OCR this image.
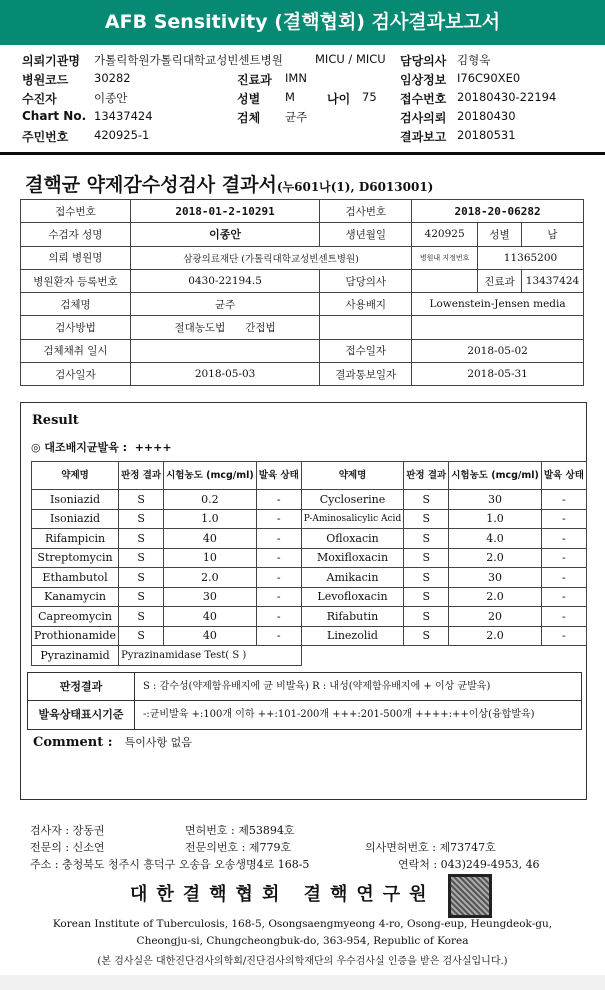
AFB Sensitivity (결핵협회) 검사결과보고서
의뢰기관명 가톨릭학원가톨릭대학교성빈센트병원	MICU / MICU 담당의사 김형욱
병원코드 30282	진료과 IMN	임상정보 I76C90XE0
수진자	이종안	성별 M	나이 75 접수번호 20180430-22194
Chart No. 13437424	검체 균주	검사의뢰 20180430
주민번호 420925-1	결과보고 20180531
결핵균 약제감수성검사 결과서(누601나(1), D6013001)
접수번호	2018-01-2-10291	검사번호	2018-20-06282		
수검자 성명	이종안	생년월일	420925	성별	남
의뢰 병원명	삼광의료재단 (가톨릭대학교성빈센트병원)		병원내 지정번호	11365200	
병원환자 등록번호	0430-22194.5	담당의사		진료과	13437424
검체명	균주	사용배지	Lowenstein-Jensen media		
검사방법	절대농도법 간접법				
검체채취 일시		접수일자	2018-05-02		
검사일자	2018-05-03	결과통보일자	2018-05-31		
Result
◎ 대조배지균발육 : ++++
약제명	판정 결과	시험농도 (mcg/ml)	발육 상태	약제명	판정 결과	시험농도 (mcg/ml)	발육 상태
Isoniazid	S	0.2	-	Cycloserine	S	30	-
Isoniazid	S	1.0	-	P-Aminosalicylic Acid	S	1.0	-
Rifampicin	S	40	-	Ofloxacin	S	4.0	-
Streptomycin	S	10	-	Moxifloxacin	S	2.0	-
Ethambutol	S	2.0	-	Amikacin	S	30	-
Kanamycin	S	30	-	Levofloxacin	S	2.0	-
Capreomycin	S	40	-	Rifabutin	S	20	-
Prothionamide	S	40	-	Linezolid	S	2.0	-
Pyrazinamid	Pyrazinamidase Test( S )						
판정결과	S : 감수성(약제함유배지에 균 비발육) R : 내성(약제함유배지에 + 이상 균발육)
발육상태표시기준	-:균비발육 +:100개 이하 ++:101-200개 +++:201-500개 ++++:++이상(융합발육)
Comment : 특이사항 없음
검사자 : 장동권	면허번호 : 제53894호
전문의 : 신소연	전문의번호 : 제779호	의사면허번호 : 제73747호
주소 : 충청북도 청주시 흥덕구 오송읍 오송생명4로 168-5	연락처 : 043)249-4953, 46
대한결핵협회 결핵연구원
Korean Institute of Tuberculosis, 168-5, Osongsaengmyeong 4-ro, Osong-eup, Heungdeok-gu,
Cheongju-si, Chungcheongbuk-do, 363-954, Republic of Korea
(본 검사실은 대한진단검사의학회/진단검사의학재단의 우수검사실 인증을 받은 검사실입니다.)
